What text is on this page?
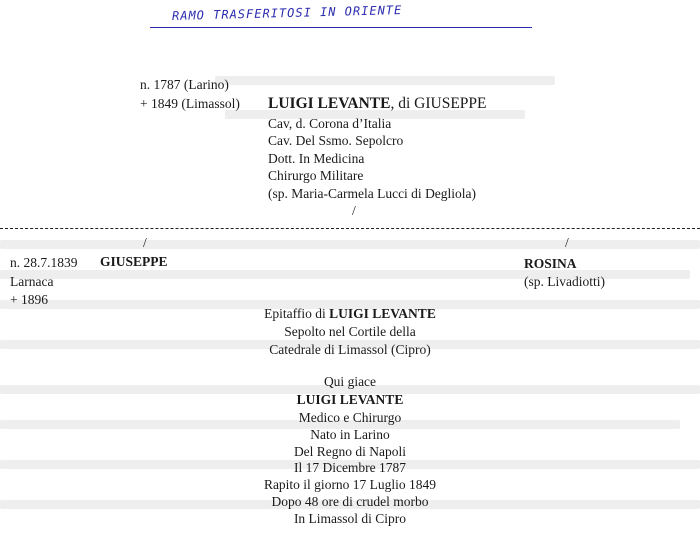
RAMO TRASFERITOSI IN ORIENTE
n. 1787 (Larino)
+ 1849 (Limassol) LUIGI LEVANTE, di GIUSEPPE
Cav, d. Corona d’Italia
Cav. Del Ssmo. Sepolcro
Dott. In Medicina
Chirurgo Militare
(sp. Maria-Carmela Lucci di Degliola)
/
/	/
n. 28.7.1839
Larnaca
+ 1896
GIUSEPPE	ROSINA
(sp. Livadiotti)
Epitaffio di LUIGI LEVANTE
Sepolto nel Cortile della
Catedrale di Limassol (Cipro)
Qui giace
LUIGI LEVANTE
Medico e Chirurgo
Nato in Larino
Del Regno di Napoli
Il 17 Dicembre 1787
Rapito il giorno 17 Luglio 1849
Dopo 48 ore di crudel morbo
In Limassol di Cipro
